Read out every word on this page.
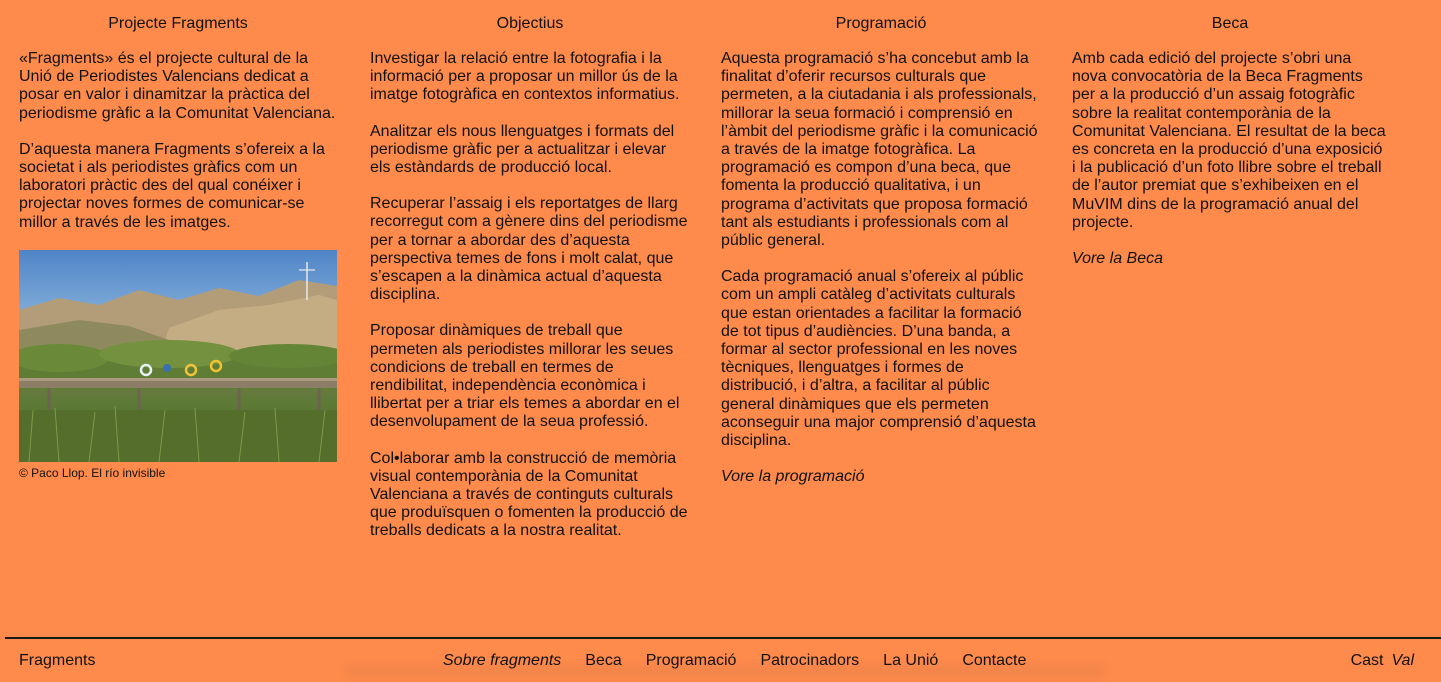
Projecte Fragments

«Fragments» és el projecte cultural de la Unió de Periodistes Valencians dedicat a posar en valor i dinamitzar la pràctica del periodisme gràfic a la Comunitat Valenciana.

D’aquesta manera Fragments s’ofereix a la societat i als periodistes gràfics com un laboratori pràctic des del qual conéixer i projectar noves formes de comunicar-se millor a través de les imatges.

© Paco Llop. El río invisible
Objectius

Investigar la relació entre la fotografia i la informació per a proposar un millor ús de la imatge fotogràfica en contextos informatius.

Analitzar els nous llenguatges i formats del periodisme gràfic per a actualitzar i elevar els estàndards de producció local.

Recuperar l’assaig i els reportatges de llarg recorregut com a gènere dins del periodisme per a tornar a abordar des d’aquesta perspectiva temes de fons i molt calat, que s’escapen a la dinàmica actual d’aquesta disciplina.

Proposar dinàmiques de treball que permeten als periodistes millorar les seues condicions de treball en termes de rendibilitat, independència econòmica i llibertat per a triar els temes a abordar en el desenvolupament de la seua professió.

Col•laborar amb la construcció de memòria visual contemporània de la Comunitat Valenciana a través de continguts culturals que produïsquen o fomenten la producció de treballs dedicats a la nostra realitat.

Programació

Aquesta programació s’ha concebut amb la finalitat d’oferir recursos culturals que permeten, a la ciutadania i als professionals, millorar la seua formació i comprensió en l’àmbit del periodisme gràfic i la comunicació a través de la imatge fotogràfica. La programació es compon d’una beca, que fomenta la producció qualitativa, i un programa d’activitats que proposa formació tant als estudiants i professionals com al públic general.

Cada programació anual s’ofereix al públic com un ampli catàleg d’activitats culturals que estan orientades a facilitar la formació de tot tipus d’audiències. D’una banda, a formar al sector professional en les noves tècniques, llenguatges i formes de distribució, i d’altra, a facilitar al públic general dinàmiques que els permeten aconseguir una major comprensió d’aquesta disciplina.

Vore la programació

Beca

Amb cada edició del projecte s’obri una nova convocatòria de la Beca Fragments per a la producció d’un assaig fotogràfic sobre la realitat contemporània de la Comunitat Valenciana. El resultat de la beca es concreta en la producció d’una exposició i la publicació d’un foto llibre sobre el treball de l’autor premiat que s’exhibeixen en el MuVIM dins de la programació anual del projecte.

Vore la Beca

Fragments	Sobre fragments Beca Programació Patrocinadors La Unió Contacte	Cast Val
